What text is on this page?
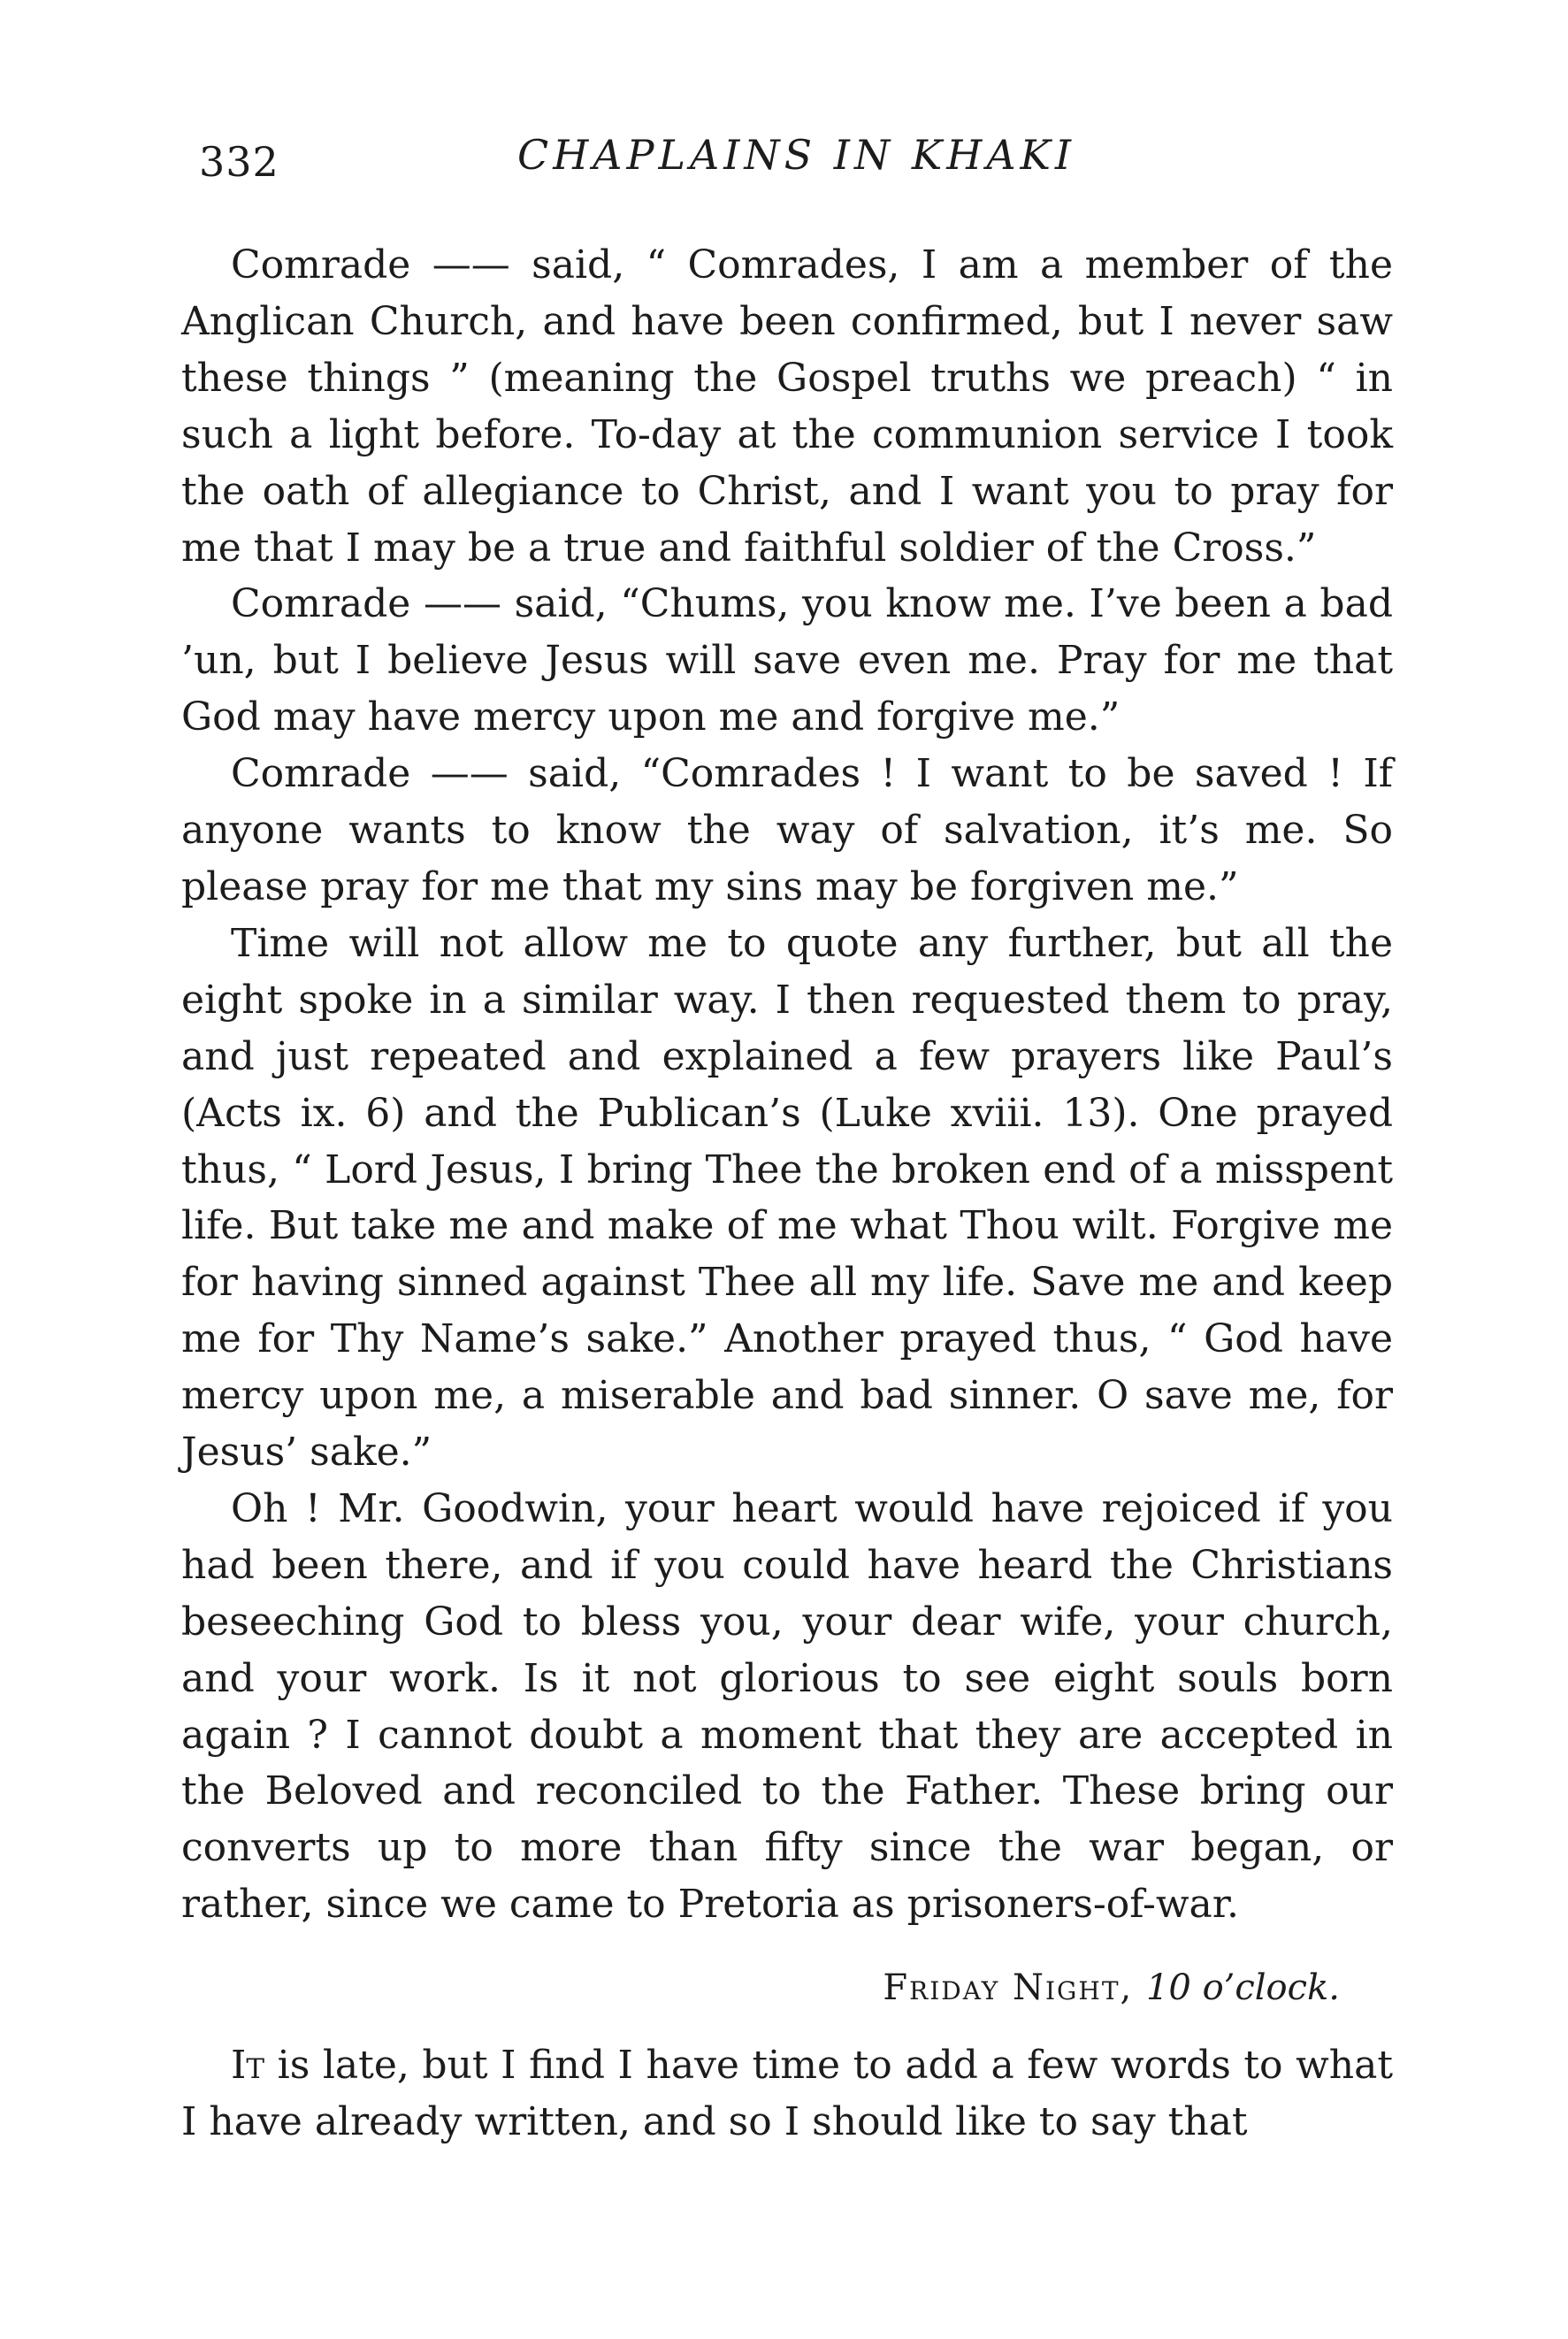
332	CHAPLAINS IN KHAKI

Comrade —— said, “ Comrades, I am a member of the Anglican Church, and have been confirmed, but I never saw these things ” (meaning the Gospel truths we preach) “ in such a light before. To-day at the communion service I took the oath of allegiance to Christ, and I want you to pray for me that I may be a true and faithful soldier of the Cross.”

Comrade —— said, “Chums, you know me. I’ve been a bad ’un, but I believe Jesus will save even me. Pray for me that God may have mercy upon me and forgive me.”

Comrade —— said, “Comrades ! I want to be saved ! If anyone wants to know the way of salvation, it’s me. So please pray for me that my sins may be forgiven me.”

Time will not allow me to quote any further, but all the eight spoke in a similar way. I then requested them to pray, and just repeated and explained a few prayers like Paul’s (Acts ix. 6) and the Publican’s (Luke xviii. 13). One prayed thus, “ Lord Jesus, I bring Thee the broken end of a misspent life. But take me and make of me what Thou wilt. Forgive me for having sinned against Thee all my life. Save me and keep me for Thy Name’s sake.” Another prayed thus, “ God have mercy upon me, a miserable and bad sinner. O save me, for Jesus’ sake.”

Oh ! Mr. Goodwin, your heart would have rejoiced if you had been there, and if you could have heard the Christians beseeching God to bless you, your dear wife, your church, and your work. Is it not glorious to see eight souls born again ? I cannot doubt a moment that they are accepted in the Beloved and reconciled to the Father. These bring our converts up to more than fifty since the war began, or rather, since we came to Pretoria as prisoners-of-war.

Friday Night, 10 o’clock.

It is late, but I find I have time to add a few words to what I have already written, and so I should like to say that
